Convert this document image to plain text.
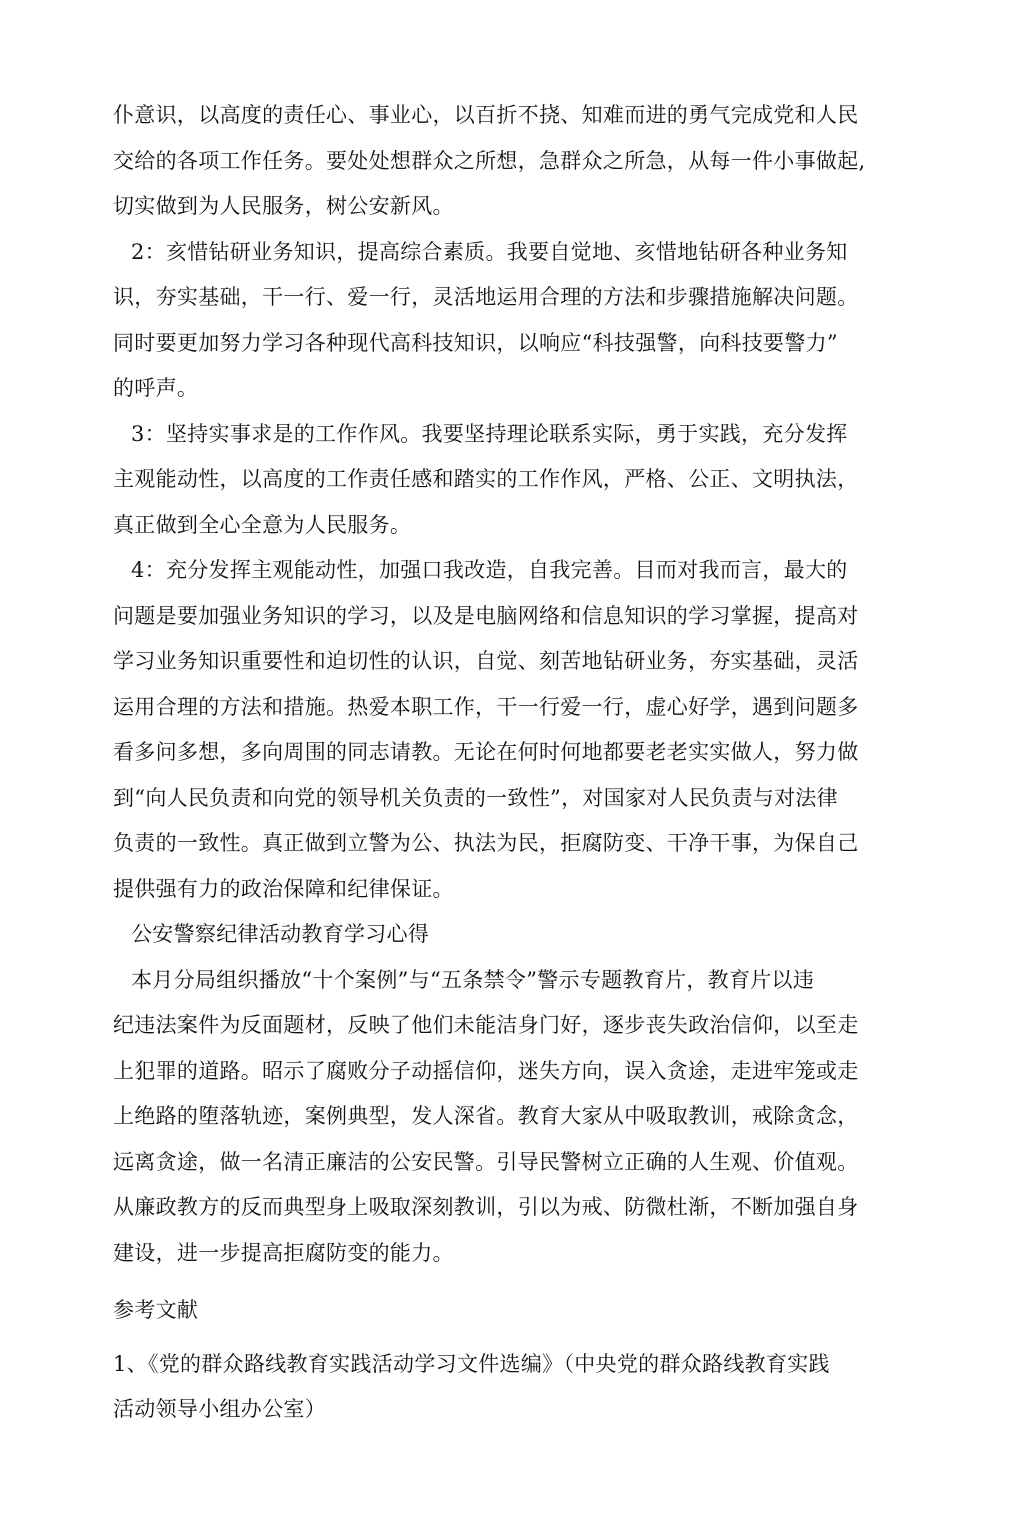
仆意识，以高度的责任心、事业心，以百折不挠、知难而进的勇气完成党和人民
交给的各项工作任务。要处处想群众之所想，急群众之所急，从每一件小事做起,
切实做到为人民服务，树公安新风。
2：亥惜钻研业务知识，提高综合素质。我要自觉地、亥惜地钻研各种业务知
识，夯实基础，干一行、爱一行，灵活地运用合理的方法和步骤措施解决问题。
同时要更加努力学习各种现代高科技知识，以响应“科技强警，向科技要警力”
的呼声。
3：坚持实事求是的工作作风。我要坚持理论联系实际，勇于实践，充分发挥
主观能动性，以高度的工作责任感和踏实的工作作风，严格、公正、文明执法，
真正做到全心全意为人民服务。
4：充分发挥主观能动性，加强口我改造，自我完善。目而对我而言，最大的
问题是要加强业务知识的学习，以及是电脑网络和信息知识的学习掌握，提高对
学习业务知识重要性和迫切性的认识，自觉、刻苦地钻研业务，夯实基础，灵活
运用合理的方法和措施。热爱本职工作，干一行爱一行，虚心好学，遇到问题多
看多问多想，多向周围的同志请教。无论在何时何地都要老老实实做人，努力做
到“向人民负责和向党的领导机关负责的一致性”，对国家对人民负责与对法律
负责的一致性。真正做到立警为公、执法为民，拒腐防变、干净干事，为保自己
提供强有力的政治保障和纪律保证。
公安警察纪律活动教育学习心得
本月分局组织播放“十个案例”与“五条禁令”警示专题教育片，教育片以违
纪违法案件为反面题材，反映了他们未能洁身门好，逐步丧失政治信仰，以至走
上犯罪的道路。昭示了腐败分子动摇信仰，迷失方向，误入贪途，走进牢笼或走
上绝路的堕落轨迹，案例典型，发人深省。教育大家从中吸取教训，戒除贪念，
远离贪途，做一名清正廉洁的公安民警。引导民警树立正确的人生观、价值观。
从廉政教方的反而典型身上吸取深刻教训，引以为戒、防微杜渐，不断加强自身
建设，进一步提高拒腐防变的能力。
参考文献
1、《党的群众路线教育实践活动学习文件选编》（中央党的群众路线教育实践
活动领导小组办公室）
